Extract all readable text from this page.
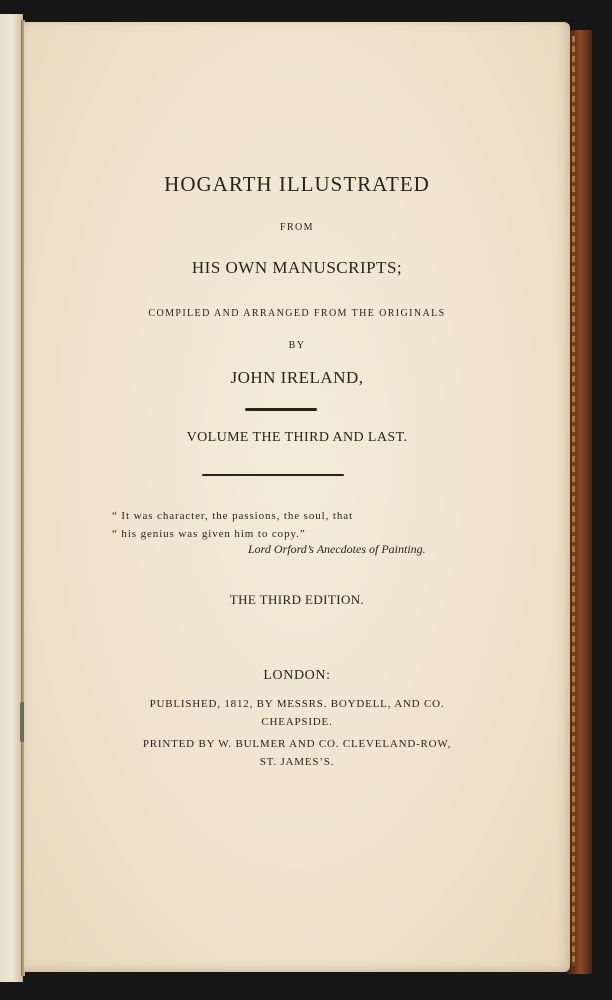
HOGARTH ILLUSTRATED
FROM
HIS OWN MANUSCRIPTS;
COMPILED AND ARRANGED FROM THE ORIGINALS
BY
JOHN IRELAND,
VOLUME THE THIRD AND LAST.
“ It was character, the passions, the soul, that
“ his genius was given him to copy.”
Lord Orford’s Anecdotes of Painting.
THE THIRD EDITION.
LONDON:
PUBLISHED, 1812, BY MESSRS. BOYDELL, AND CO.
CHEAPSIDE.
PRINTED BY W. BULMER AND CO. CLEVELAND-ROW,
ST. JAMES’S.
